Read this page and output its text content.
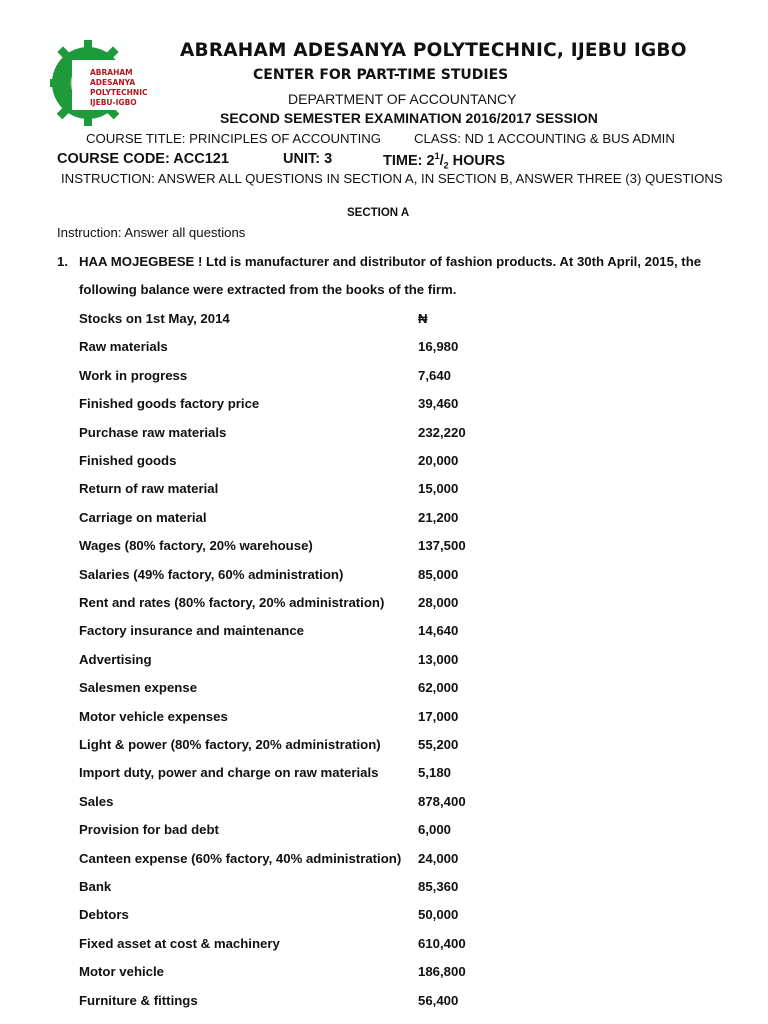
ABRAHAM
ADESANYA
POLYTECHNIC
IJEBU-IGBO
ABRAHAM ADESANYA POLYTECHNIC, IJEBU IGBO
CENTER FOR PART-TIME STUDIES
DEPARTMENT OF ACCOUNTANCY
SECOND SEMESTER EXAMINATION 2016/2017 SESSION
COURSE TITLE: PRINCIPLES OF ACCOUNTING CLASS: ND 1 ACCOUNTING & BUS ADMIN
COURSE CODE: ACC121	UNIT: 3	TIME: $2^1/_2$ HOURS
INSTRUCTION: ANSWER ALL QUESTIONS IN SECTION A, IN SECTION B, ANSWER THREE (3) QUESTIONS
SECTION A
Instruction: Answer all questions
1. HAA MOJEGBESE ! Ltd is manufacturer and distributor of fashion products. At 30th April, 2015, the
following balance were extracted from the books of the firm.
Stocks on 1st May, 2014	₦
Raw materials	16,980
Work in progress	7,640
Finished goods factory price	39,460
Purchase raw materials	232,220
Finished goods	20,000
Return of raw material	15,000
Carriage on material	21,200
Wages (80% factory, 20% warehouse)	137,500
Salaries (49% factory, 60% administration)	85,000
Rent and rates (80% factory, 20% administration)	28,000
Factory insurance and maintenance	14,640
Advertising	13,000
Salesmen expense	62,000
Motor vehicle expenses	17,000
Light & power (80% factory, 20% administration)	55,200
Import duty, power and charge on raw materials	5,180
Sales	878,400
Provision for bad debt	6,000
Canteen expense (60% factory, 40% administration) 24,000
Bank	85,360
Debtors	50,000
Fixed asset at cost & machinery	610,400
Motor vehicle	186,800
Furniture & fittings	56,400
